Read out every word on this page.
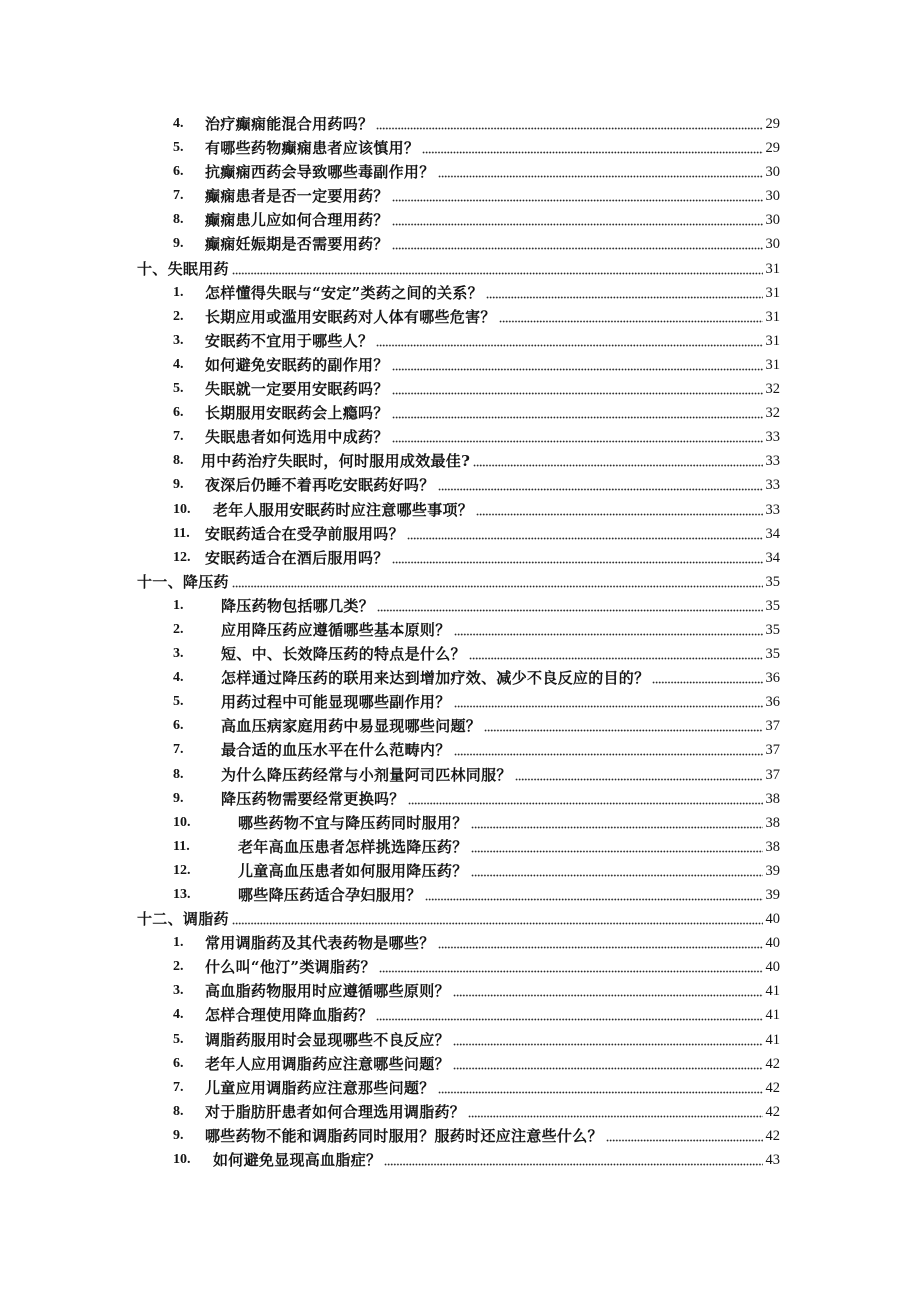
4.	治疗癫痫能混合用药吗？	29
5.	有哪些药物癫痫患者应该慎用？	29
6.	抗癫痫西药会导致哪些毒副作用？	30
7.	癫痫患者是否一定要用药？	30
8.	癫痫患儿应如何合理用药？	30
9.	癫痫妊娠期是否需要用药？	30
十、失眠用药	31
1.	怎样懂得失眠与“安定”类药之间的关系？	31
2.	长期应用或滥用安眠药对人体有哪些危害？	31
3.	安眠药不宜用于哪些人？	31
4.	如何避免安眠药的副作用？	31
5.	失眠就一定要用安眠药吗？	32
6.	长期服用安眠药会上瘾吗？	32
7.	失眠患者如何选用中成药？	33
8.	用中药治疗失眠时，何时服用成效最佳?	33
9.	夜深后仍睡不着再吃安眠药好吗？	33
10.	老年人服用安眠药时应注意哪些事项？	33
11.	安眠药适合在受孕前服用吗？	34
12. 安眠药适合在酒后服用吗？	34
十一、降压药	35
1.	降压药物包括哪几类？	35
2.	应用降压药应遵循哪些基本原则？	35
3.	短、中、长效降压药的特点是什么？	35
4.	怎样通过降压药的联用来达到增加疗效、减少不良反应的目的？	36
5.	用药过程中可能显现哪些副作用？	36
6.	高血压病家庭用药中易显现哪些问题？	37
7.	最合适的血压水平在什么范畴内？	37
8.	为什么降压药经常与小剂量阿司匹林同服？	37
9.	降压药物需要经常更换吗？	38
10.	哪些药物不宜与降压药同时服用？	38
11.	老年高血压患者怎样挑选降压药？	38
12.	儿童高血压患者如何服用降压药？	39
13.	哪些降压药适合孕妇服用？	39
十二、调脂药	40
1.	常用调脂药及其代表药物是哪些？	40
2.	什么叫“他汀”类调脂药？	40
3.	高血脂药物服用时应遵循哪些原则？	41
4.	怎样合理使用降血脂药？	41
5.	调脂药服用时会显现哪些不良反应？	41
6.	老年人应用调脂药应注意哪些问题？	42
7.	儿童应用调脂药应注意那些问题？	42
8.	对于脂肪肝患者如何合理选用调脂药？	42
9.	哪些药物不能和调脂药同时服用？服药时还应注意些什么？	42
10.	如何避免显现高血脂症？	43
